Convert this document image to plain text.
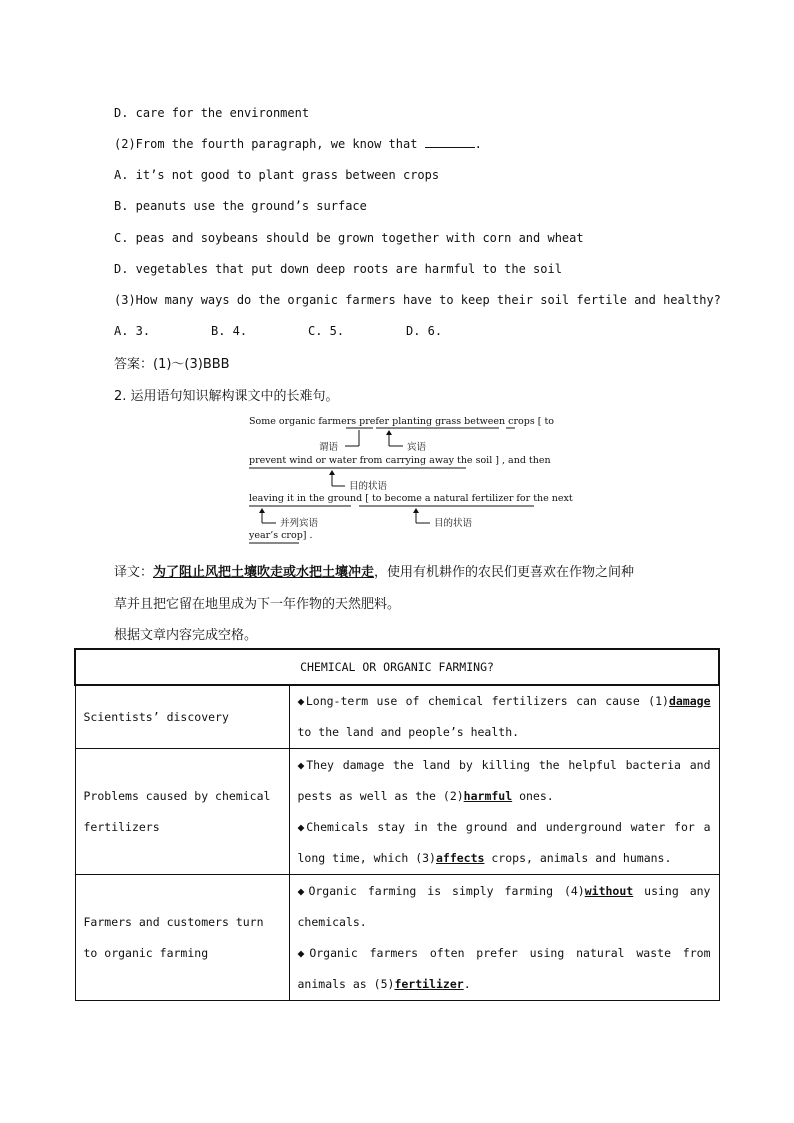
D. care for the environment
(2)From the fourth paragraph, we know that	.
A. it’s not good to plant grass between crops
B. peanuts use the ground’s surface
C. peas and soybeans should be grown together with corn and wheat
D. vegetables that put down deep roots are harmful to the soil
(3)How many ways do the organic farmers have to keep their soil fertile and healthy?
A. 3.	B. 4.	C. 5.	D. 6.
答案：(1)～(3)BBB
2. 运用语句知识解构课文中的长难句。
Some organic farmers prefer planting grass between crops [ to
谓语	宾语
prevent wind or water from carrying away the soil ] , and then
目的状语
leaving it in the ground [ to become a natural fertilizer for the next
并列宾语	目的状语
year’s crop] .
译文：为了阻止风把土壤吹走或水把土壤冲走，使用有机耕作的农民们更喜欢在作物之间种
草并且把它留在地里成为下一年作物的天然肥料。
根据文章内容完成空格。
CHEMICAL OR ORGANIC FARMING?	
Scientists’ discovery	◆Long-term use of chemical fertilizers can cause (1)damage to the land and people’s health.
Problems caused by chemical fertilizers	◆They damage the land by killing the helpful bacteria and pests as well as the (2)harmful ones.
◆Chemicals stay in the ground and underground water for a long time, which (3)affects crops, animals and humans.

Farmers and customers turn to organic farming	◆Organic farming is simply farming (4)without using any chemicals.
◆Organic farmers often prefer using natural waste from animals as (5)fertilizer.
